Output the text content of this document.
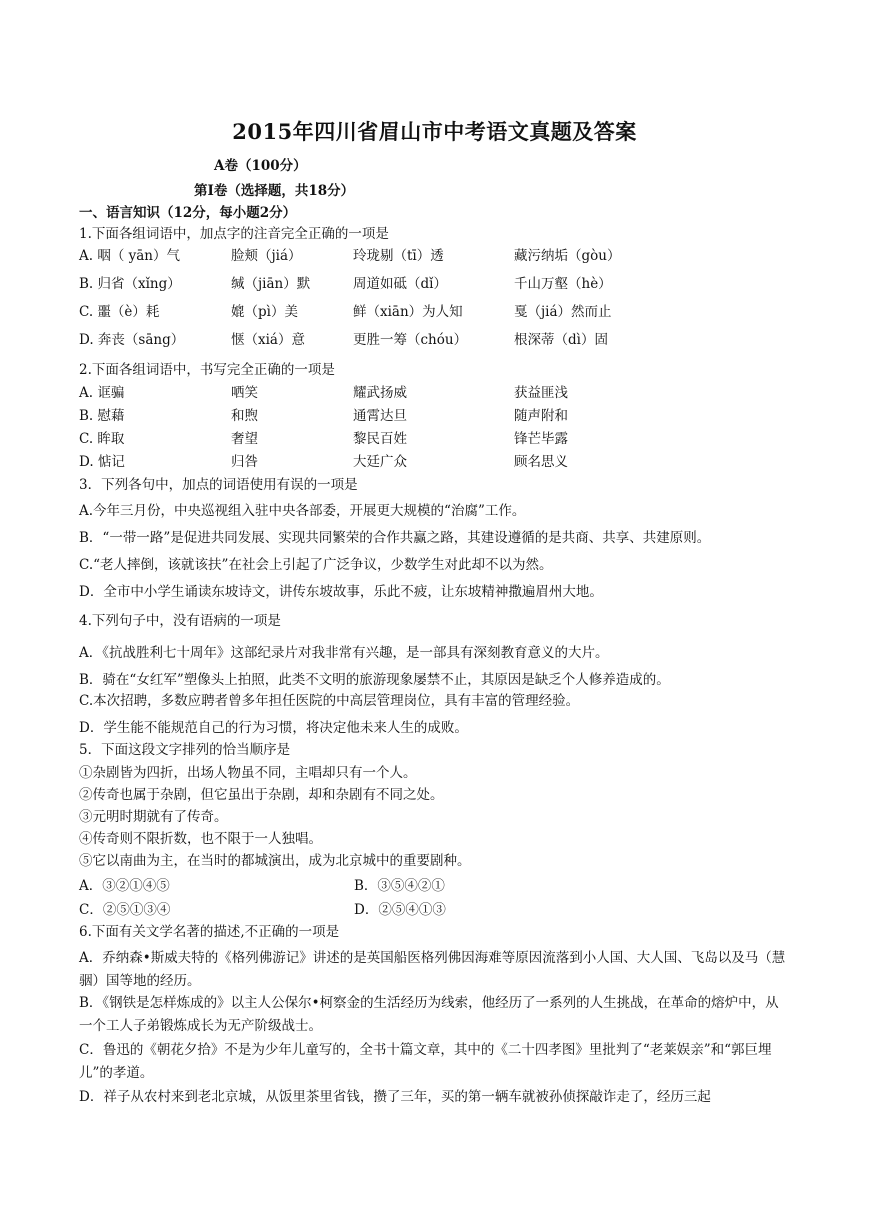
2015年四川省眉山市中考语文真题及答案
A卷（100分）
第Ⅰ卷（选择题，共18分）
一、语言知识（12分，每小题2分）
1.下面各组词语中，加点字的注音完全正确的一项是
A. 咽（ yān）气	脸颊（jiá）	玲珑剔（tī）透	藏污纳垢（gòu）
B. 归省（xǐng）	缄（jiān）默	周道如砥（dǐ）	千山万壑（hè）
C. 噩（è）耗	媲（pì）美	鲜（xiān）为人知	戛（jiá）然而止
D. 奔丧（sāng）	惬（xiá）意	更胜一筹（chóu）	根深蒂（dì）固
2.下面各组词语中，书写完全正确的一项是
A. 诓骗	哂笑	耀武扬威	获益匪浅
B. 慰藉	和煦	通霄达旦	随声附和
C. 眸取	奢望	黎民百姓	锋芒毕露
D. 惦记	归咎	大廷广众	顾名思义
3．下列各句中，加点的词语使用有误的一项是
A.今年三月份，中央巡视组入驻中央各部委，开展更大规模的“治腐”工作。
B．“一带一路”是促进共同发展、实现共同繁荣的合作共赢之路，其建设遵循的是共商、共享、共建原则。
C.“老人摔倒，该就该扶”在社会上引起了广泛争议，少数学生对此却不以为然。
D．全市中小学生诵读东坡诗文，讲传东坡故事，乐此不疲，让东坡精神撒遍眉州大地。
4.下列句子中，没有语病的一项是
A．《抗战胜利七十周年》这部纪录片对我非常有兴趣，是一部具有深刻教育意义的大片。
B．骑在“女红军”塑像头上拍照，此类不文明的旅游现象屡禁不止，其原因是缺乏个人修养造成的。
C.本次招聘，多数应聘者曾多年担任医院的中高层管理岗位，具有丰富的管理经验。
D．学生能不能规范自己的行为习惯，将决定他未来人生的成败。
5．下面这段文字排列的恰当顺序是
①杂剧皆为四折，出场人物虽不同，主唱却只有一个人。
②传奇也属于杂剧，但它虽出于杂剧，却和杂剧有不同之处。
③元明时期就有了传奇。
④传奇则不限折数，也不限于一人独唱。
⑤它以南曲为主，在当时的都城演出，成为北京城中的重要剧种。
A．③②①④⑤	B．③⑤④②①
C．②⑤①③④	D．②⑤④①③
6.下面有关文学名著的描述,不正确的一项是
A．乔纳森•斯威夫特的《格列佛游记》讲述的是英国船医格列佛因海难等原因流落到小人国、大人国、飞岛以及马（慧骃）国等地的经历。
B．《钢铁是怎样炼成的》以主人公保尔•柯察金的生活经历为线索，他经历了一系列的人生挑战，在革命的熔炉中，从一个工人子弟锻炼成长为无产阶级战士。
C．鲁迅的《朝花夕拾》不是为少年儿童写的，全书十篇文章，其中的《二十四孝图》里批判了“老莱娱亲”和“郭巨埋儿”的孝道。
D．祥子从农村来到老北京城，从饭里茶里省钱，攒了三年，买的第一辆车就被孙侦探敲诈走了，经历三起
